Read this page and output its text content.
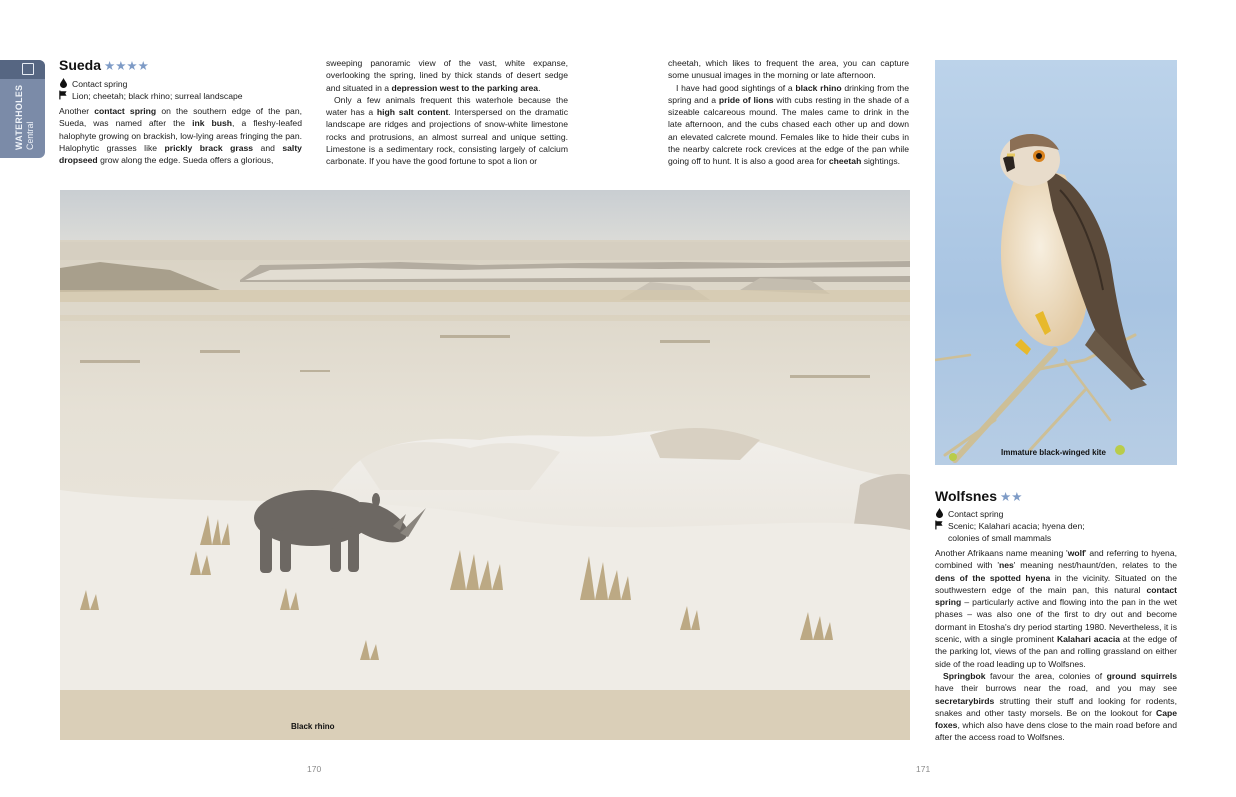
WATERHOLES Central
Sueda ★★★★
Contact spring
Lion; cheetah; black rhino; surreal landscape

Another contact spring on the southern edge of the pan, Sueda, was named after the ink bush, a fleshy-leafed halophyte growing on brackish, low-lying areas fringing the pan. Halophytic grasses like prickly brack grass and salty dropseed grow along the edge. Sueda offers a glorious,

sweeping panoramic view of the vast, white expanse, overlooking the spring, lined by thick stands of desert sedge and situated in a depression west to the parking area.

Only a few animals frequent this waterhole because the water has a high salt content. Interspersed on the dramatic landscape are ridges and projections of snow-white limestone rocks and protrusions, an almost surreal and unique setting. Limestone is a sedimentary rock, consisting largely of calcium carbonate. If you have the good fortune to spot a lion or

cheetah, which likes to frequent the area, you can capture some unusual images in the morning or late afternoon.

I have had good sightings of a black rhino drinking from the spring and a pride of lions with cubs resting in the shade of a sizeable calcareous mound. The males came to drink in the late afternoon, and the cubs chased each other up and down an elevated calcrete mound. Females like to hide their cubs in the nearby calcrete rock crevices at the edge of the pan while going off to hunt. It is also a good area for cheetah sightings.

Black rhino
Immature black-winged kite
Wolfsnes ★★
Contact spring
Scenic; Kalahari acacia; hyena den;
colonies of small mammals

Another Afrikaans name meaning 'wolf' and referring to hyena, combined with 'nes' meaning nest/haunt/den, relates to the dens of the spotted hyena in the vicinity. Situated on the southwestern edge of the main pan, this natural contact spring – particularly active and flowing into the pan in the wet phases – was also one of the first to dry out and become dormant in Etosha's dry period starting 1980. Nevertheless, it is scenic, with a single prominent Kalahari acacia at the edge of the parking lot, views of the pan and rolling grassland on either side of the road leading up to Wolfsnes.

Springbok favour the area, colonies of ground squirrels have their burrows near the road, and you may see secretarybirds strutting their stuff and looking for rodents, snakes and other tasty morsels. Be on the lookout for Cape foxes, which also have dens close to the main road before and after the access road to Wolfsnes.

170	171
